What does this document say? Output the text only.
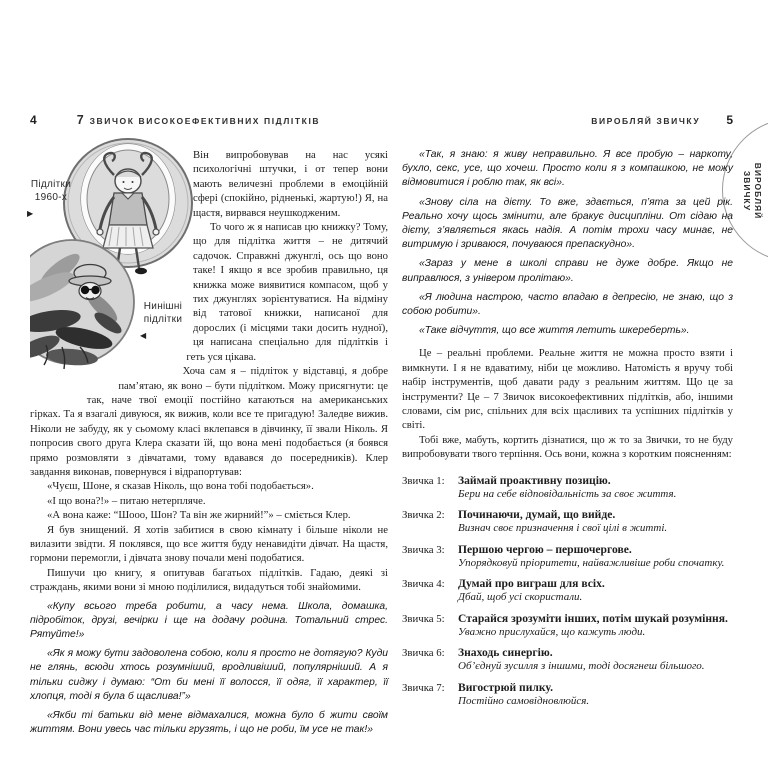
4	7 ЗВИЧОК ВИСОКОЕФЕКТИВНИХ ПІДЛІТКІВ
Підлітки
1960-х
▶
Нинішні
підлітки
◀

Він випробовував на нас усякі психологічні штучки, і от тепер вони мають величезні проблеми в емоційній сфері (спокійно, рідненькі, жартую!) Я, на щастя, вирвався неушкодженим.

То чого ж я написав цю книжку? Тому, що для підлітка життя – не дитячий садочок. Справжні джунглі, ось що воно таке! І якщо я все зробив правильно, ця книжка може виявитися компасом, щоб у тих джунглях зорієнтуватися. На відміну від татової книжки, написаної для дорослих (і місцями таки досить нудної), ця написана спеціально для підлітків і геть уся цікава.

Хоча сам я – підліток у відставці, я добре пам’ятаю, як воно – бути підлітком. Можу присягнути: це так, наче твої емоції постійно катаються на американських гірках. Та я взагалі дивуюся, як вижив, коли все те пригадую! Заледве вижив. Ніколи не забуду, як у сьомому класі вклепався в дівчинку, її звали Ніколь. Я попросив свого друга Клера сказати їй, що вона мені подобається (я боявся прямо розмовляти з дівчатами, тому вдавався до посередників). Клер завдання виконав, повернувся і відрапортував:

«Чуєш, Шоне, я сказав Ніколь, що вона тобі подобається».

«І що вона?!» – питаю нетерпляче.

«А вона каже: “Шооо, Шон? Та він же жирний!”» – сміється Клер.

Я був знищений. Я хотів забитися в свою кімнату і більше ніколи не вилазити звідти. Я поклявся, що все життя буду ненавидіти дівчат. На щастя, гормони перемогли, і дівчата знову почали мені подобатися.

Пишучи цю книгу, я опитував багатьох підлітків. Гадаю, деякі зі страждань, якими вони зі мною поділилися, видадуться тобі знайомими.

«Купу всього треба робити, а часу нема. Школа, домашка, підробіток, друзі, вечірки і ще на додачу родина. Тотальний стрес. Рятуйте!»

«Як я можу бути задоволена собою, коли я просто не дотягую? Куди не глянь, всюди хтось розумніший, вродливіший, популярніший. А я тільки сиджу і думаю: “От би мені її волосся, її одяг, її характер, її хлопця, тоді я була б щаслива!”»

«Якби ті батьки від мене відмахалися, можна було б жити своїм життям. Вони увесь час тільки грузять, і що не роби, їм усе не так!»

ВИРОБЛЯЙ ЗВИЧКУ 5

«Так, я знаю: я живу неправильно. Я все пробую – наркоту, бухло, секс, усе, що хочеш. Просто коли я з компашкою, не можу відмовитися і роблю так, як всі».

«Знову сіла на дієту. То вже, здається, п’ята за цей рік. Реально хочу щось змінити, але бракує дисципліни. От сідаю на дієту, з’являється якась надія. А потім трохи часу минає, не витримую і зриваюся, почуваюся препаскудно».

«Зараз у мене в школі справи не дуже добре. Якщо не виправлюся, з універом пролітаю».

«Я людина настрою, часто впадаю в депресію, не знаю, що з собою робити».

«Таке відчуття, що все життя летить шкереберть».

Це – реальні проблеми. Реальне життя не можна просто взяти і вимкнути. І я не вдаватиму, ніби це можливо. Натомість я вручу тобі набір інструментів, щоб давати раду з реальним життям. Що це за інструменти? Це – 7 Звичок високоефективних підлітків, або, іншими словами, сім рис, спільних для всіх щасливих та успішних підлітків у світі.

Тобі вже, мабуть, кортить дізнатися, що ж то за Звички, то не буду випробовувати твого терпіння. Ось вони, кожна з коротким поясненням:

Звичка 1:	Займай проактивну позицію.
Бери на себе відповідальність за своє життя.
Звичка 2:	Починаючи, думай, що вийде.
Визнач своє призначення і свої цілі в житті.
Звичка 3:	Першою чергою – першочергове.
Упорядковуй пріоритети, найважливіше роби спочатку.
Звичка 4:	Думай про виграш для всіх.
Дбай, щоб усі скористали.
Звичка 5:	Старайся зрозуміти інших, потім шукай розуміння.
Уважно прислухайся, що кажуть люди.
Звичка 6:	Знаходь синергію.
Об’єднуй зусилля з іншими, тоді досягнеш більшого.
Звичка 7:	Вигострюй пилку.
Постійно самовідновлюйся.
ВИРОБЛЯЙ
ЗВИЧКУ
